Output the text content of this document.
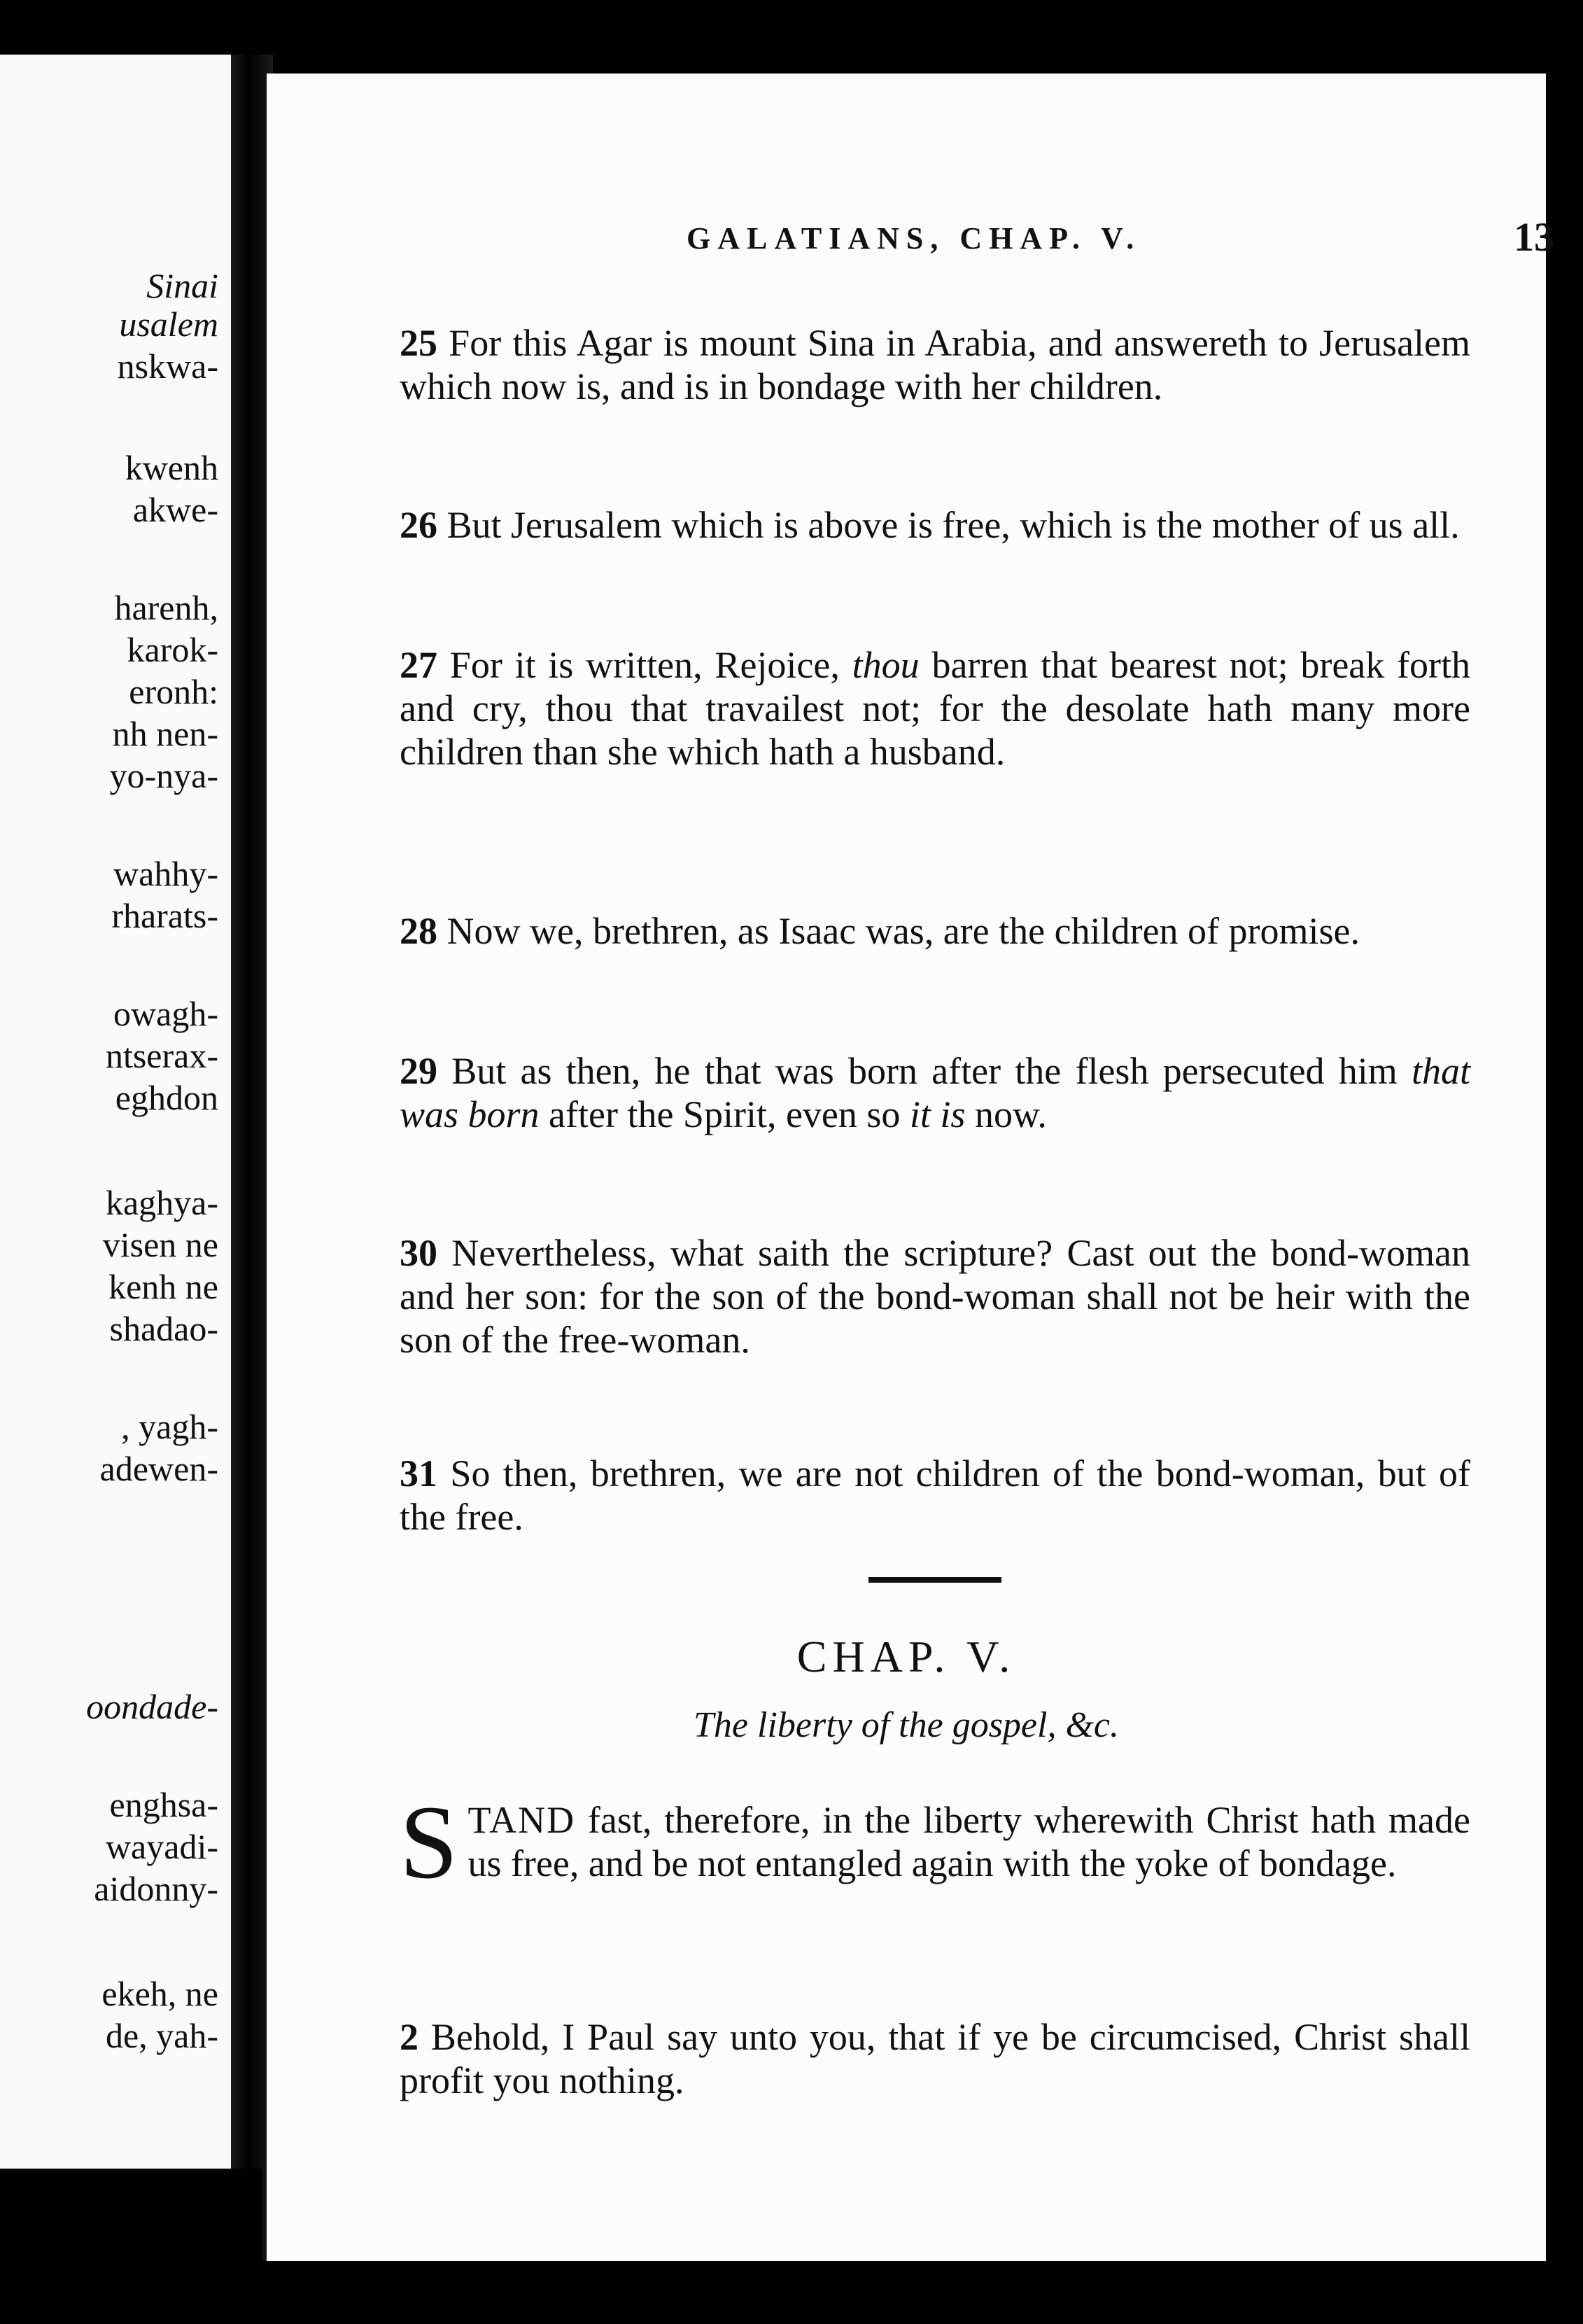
Sinai
usalem
nskwa-
kwenh
akwe-
harenh,
karok-
eronh:
nh nen-
yo-nya-
wahhy-
rharats-
owagh-
ntserax-
eghdon
kaghya-
visen ne
kenh ne
shadao-
, yagh-
adewen-
oondade-
enghsa-
wayadi-
aidonny-
ekeh, ne
de, yah-
GALATIANS, CHAP. V.	13

25 For this Agar is mount Sina in Arabia, and answereth to Jerusalem which now is, and is in bondage with her children.

26 But Jerusalem which is above is free, which is the mother of us all.

27 For it is written, Rejoice, thou barren that bearest not; break forth and cry, thou that travailest not; for the desolate hath many more children than she which hath a husband.

28 Now we, brethren, as Isaac was, are the children of promise.

29 But as then, he that was born after the flesh persecuted him that was born after the Spirit, even so it is now.

30 Nevertheless, what saith the scripture? Cast out the bond-woman and her son: for the son of the bond-woman shall not be heir with the son of the free-woman.

31 So then, brethren, we are not children of the bond-woman, but of the free.

CHAP. V.
The liberty of the gospel, &c.

STAND fast, therefore, in the liberty wherewith Christ hath made us free, and be not entangled again with the yoke of bondage.

2 Behold, I Paul say unto you, that if ye be circumcised, Christ shall profit you nothing.
